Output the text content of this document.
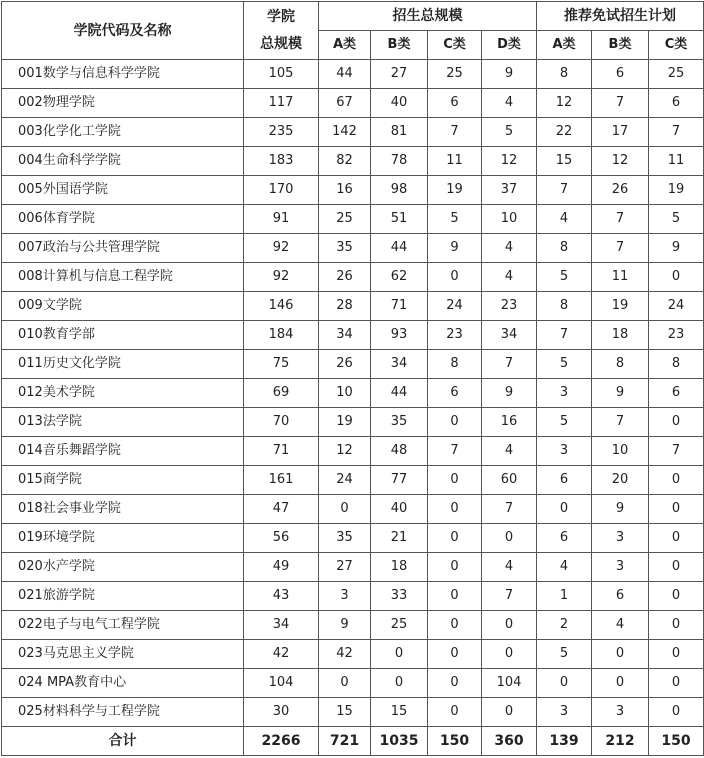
学院代码及名称	学院
总规模	招生总规模				推荐免试招生计划		
		A类	B类	C类	D类	A类	B类	C类
001数学与信息科学学院	105	44	27	25	9	8	6	25
002物理学院	117	67	40	6	4	12	7	6
003化学化工学院	235	142	81	7	5	22	17	7
004生命科学学院	183	82	78	11	12	15	12	11
005外国语学院	170	16	98	19	37	7	26	19
006体育学院	91	25	51	5	10	4	7	5
007政治与公共管理学院	92	35	44	9	4	8	7	9
008计算机与信息工程学院	92	26	62	0	4	5	11	0
009文学院	146	28	71	24	23	8	19	24
010教育学部	184	34	93	23	34	7	18	23
011历史文化学院	75	26	34	8	7	5	8	8
012美术学院	69	10	44	6	9	3	9	6
013法学院	70	19	35	0	16	5	7	0
014音乐舞蹈学院	71	12	48	7	4	3	10	7
015商学院	161	24	77	0	60	6	20	0
018社会事业学院	47	0	40	0	7	0	9	0
019环境学院	56	35	21	0	0	6	3	0
020水产学院	49	27	18	0	4	4	3	0
021旅游学院	43	3	33	0	7	1	6	0
022电子与电气工程学院	34	9	25	0	0	2	4	0
023马克思主义学院	42	42	0	0	0	5	0	0
024 MPA教育中心	104	0	0	0	104	0	0	0
025材料科学与工程学院	30	15	15	0	0	3	3	0
合计	2266	721	1035	150	360	139	212	150
